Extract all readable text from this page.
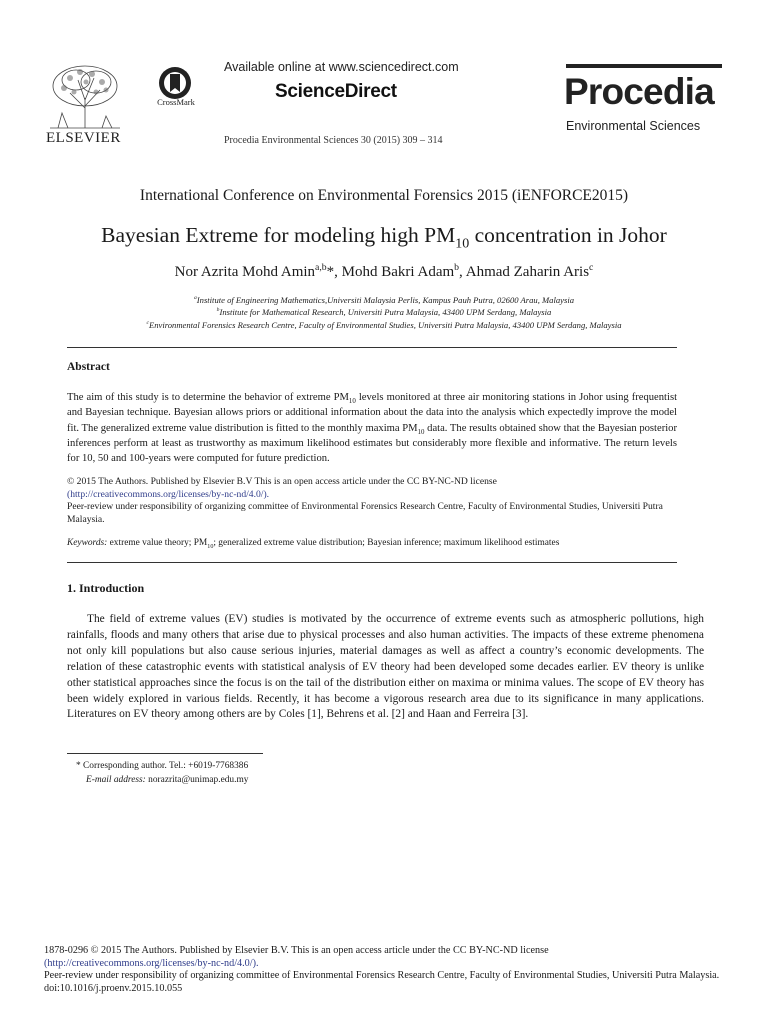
ELSEVIER
CrossMark
Available online at www.sciencedirect.com
ScienceDirect
Procedia Environmental Sciences 30 (2015) 309 – 314
Procedia
Environmental Sciences
International Conference on Environmental Forensics 2015 (iENFORCE2015)
Bayesian Extreme for modeling high $PM_{10}$ concentration in Johor
Nor Azrita Mohd Amin$^{a,b}$*, Mohd Bakri Adam$^b$, Ahmad Zaharin Aris$^c$
$^a$Institute of Engineering Mathematics,Universiti Malaysia Perlis, Kampus Pauh Putra, 02600 Arau, Malaysia
$^b$Institute for Mathematical Research, Universiti Putra Malaysia, 43400 UPM Serdang, Malaysia
$^c$Environmental Forensics Research Centre, Faculty of Environmental Studies, Universiti Putra Malaysia, 43400 UPM Serdang, Malaysia
Abstract
The aim of this study is to determine the behavior of extreme $PM_{10}$ levels monitored at three air monitoring stations in Johor using frequentist and Bayesian technique. Bayesian allows priors or additional information about the data into the analysis which expectedly improve the model fit. The generalized extreme value distribution is fitted to the monthly maxima $PM_{10}$ data. The results obtained show that the Bayesian posterior inferences perform at least as trustworthy as maximum likelihood estimates but considerably more flexible and informative. The return levels for 10, 50 and 100-years were computed for future prediction.
© 2015 The Authors. Published by Elsevier B.V This is an open access article under the CC BY-NC-ND license
(http://creativecommons.org/licenses/by-nc-nd/4.0/).
Peer-review under responsibility of organizing committee of Environmental Forensics Research Centre, Faculty of Environmental Studies, Universiti Putra Malaysia.
Keywords: extreme value theory; $PM_{10}$; generalized extreme value distribution; Bayesian inference; maximum likelihood estimates
1. Introduction
The field of extreme values (EV) studies is motivated by the occurrence of extreme events such as atmospheric pollutions, high rainfalls, floods and many others that arise due to physical processes and also human activities. The impacts of these extreme phenomena not only kill populations but also cause serious injuries, material damages as well as affect a country’s economic developments. The relation of these catastrophic events with statistical analysis of EV theory had been developed some decades earlier. EV theory is unlike other statistical approaches since the focus is on the tail of the distribution either on maxima or minima values. The scope of EV theory has been widely explored in various fields. Recently, it has become a vigorous research area due to its significance in many applications. Literatures on EV theory among others are by Coles [1], Behrens et al. [2] and Haan and Ferreira [3].
* Corresponding author. Tel.: +6019-7768386
E-mail address: norazrita@unimap.edu.my
1878-0296 © 2015 The Authors. Published by Elsevier B.V. This is an open access article under the CC BY-NC-ND license
(http://creativecommons.org/licenses/by-nc-nd/4.0/).
Peer-review under responsibility of organizing committee of Environmental Forensics Research Centre, Faculty of Environmental Studies, Universiti Putra Malaysia.
doi:10.1016/j.proenv.2015.10.055
